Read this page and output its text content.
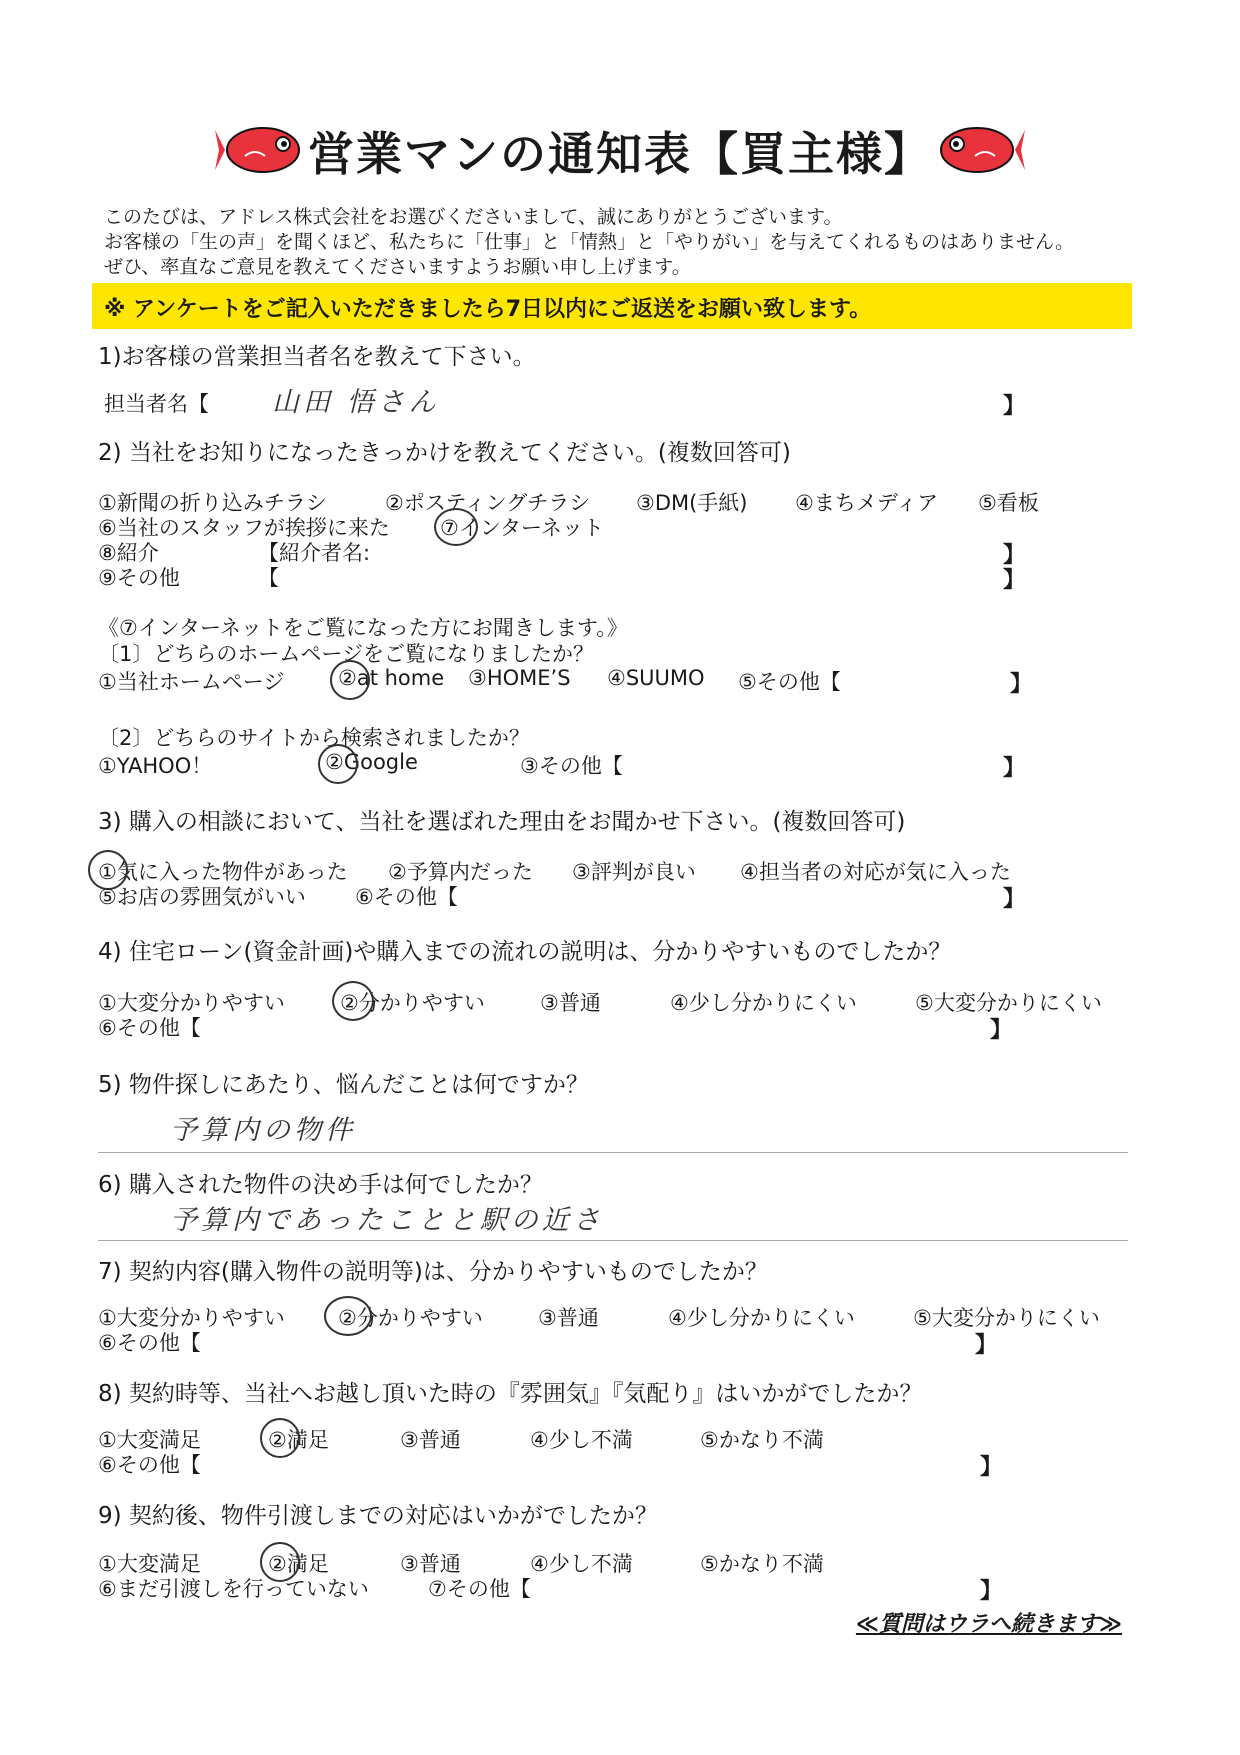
営業マンの通知表【買主様】
このたびは、アドレス株式会社をお選びくださいまして、誠にありがとうございます。
お客様の「生の声」を聞くほど、私たちに「仕事」と「情熱」と「やりがい」を与えてくれるものはありません。
ぜひ、率直なご意見を教えてくださいますようお願い申し上げます。
※ アンケートをご記入いただきましたら7日以内にご返送をお願い致します。
1)お客様の営業担当者名を教えて下さい。
担当者名【 山田 悟さん	】
2) 当社をお知りになったきっかけを教えてください。(複数回答可)
①新聞の折り込みチラシ	②ポスティングチラシ ③DM(手紙) ④まちメディア ⑤看板
⑥当社のスタッフが挨拶に来た ⑦インターネット
⑧紹介	【紹介者名:	】
⑨その他	【	】
《⑦インターネットをご覧になった方にお聞きします。》
〔1〕どちらのホームページをご覧になりましたか？
①当社ホームページ	②at home ③HOME’S ④SUUMO ⑤その他【	】
〔2〕どちらのサイトから検索されましたか？
①YAHOO！	②Google	③その他【	】
3) 購入の相談において、当社を選ばれた理由をお聞かせ下さい。(複数回答可)
①気に入った物件があった ②予算内だった ③評判が良い ④担当者の対応が気に入った
⑤お店の雰囲気がいい ⑥その他【	】
4) 住宅ローン(資金計画)や購入までの流れの説明は、分かりやすいものでしたか？
①大変分かりやすい	②分かりやすい	③普通	④少し分かりにくい	⑤大変分かりにくい
⑥その他【	】
5) 物件探しにあたり、悩んだことは何ですか？
予算内の物件
6) 購入された物件の決め手は何でしたか？
予算内であったことと駅の近さ
7) 契約内容(購入物件の説明等)は、分かりやすいものでしたか？
①大変分かりやすい	②分かりやすい	③普通	④少し分かりにくい	⑤大変分かりにくい
⑥その他【	】
8) 契約時等、当社へお越し頂いた時の『雰囲気』『気配り』はいかがでしたか？
①大変満足	②満足	③普通	④少し不満	⑤かなり不満
⑥その他【	】
9) 契約後、物件引渡しまでの対応はいかがでしたか？
①大変満足	②満足	③普通	④少し不満	⑤かなり不満
⑥まだ引渡しを行っていない	⑦その他【	】
≪質問はウラへ続きます≫
